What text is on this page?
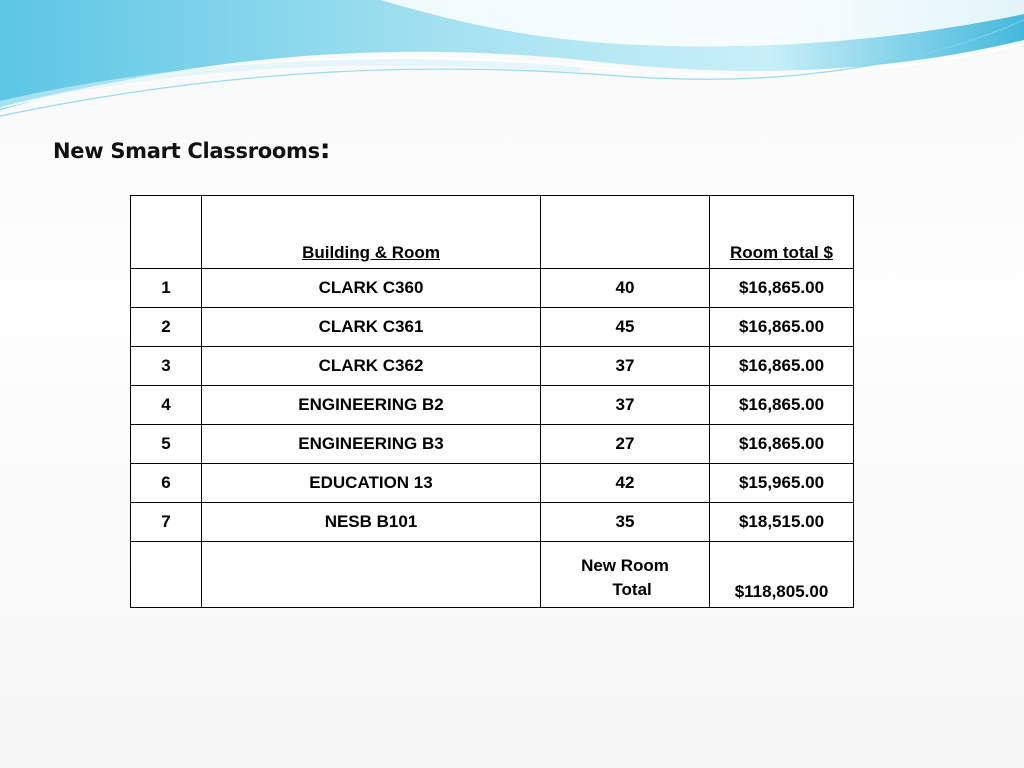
New Smart Classrooms:
	Building & Room		Room total $
1	CLARK C360	40	$16,865.00
2	CLARK C361	45	$16,865.00
3	CLARK C362	37	$16,865.00
4	ENGINEERING B2	37	$16,865.00
5	ENGINEERING B3	27	$16,865.00
6	EDUCATION 13	42	$15,965.00
7	NESB B101	35	$18,515.00
		New Room
Total	$118,805.00
